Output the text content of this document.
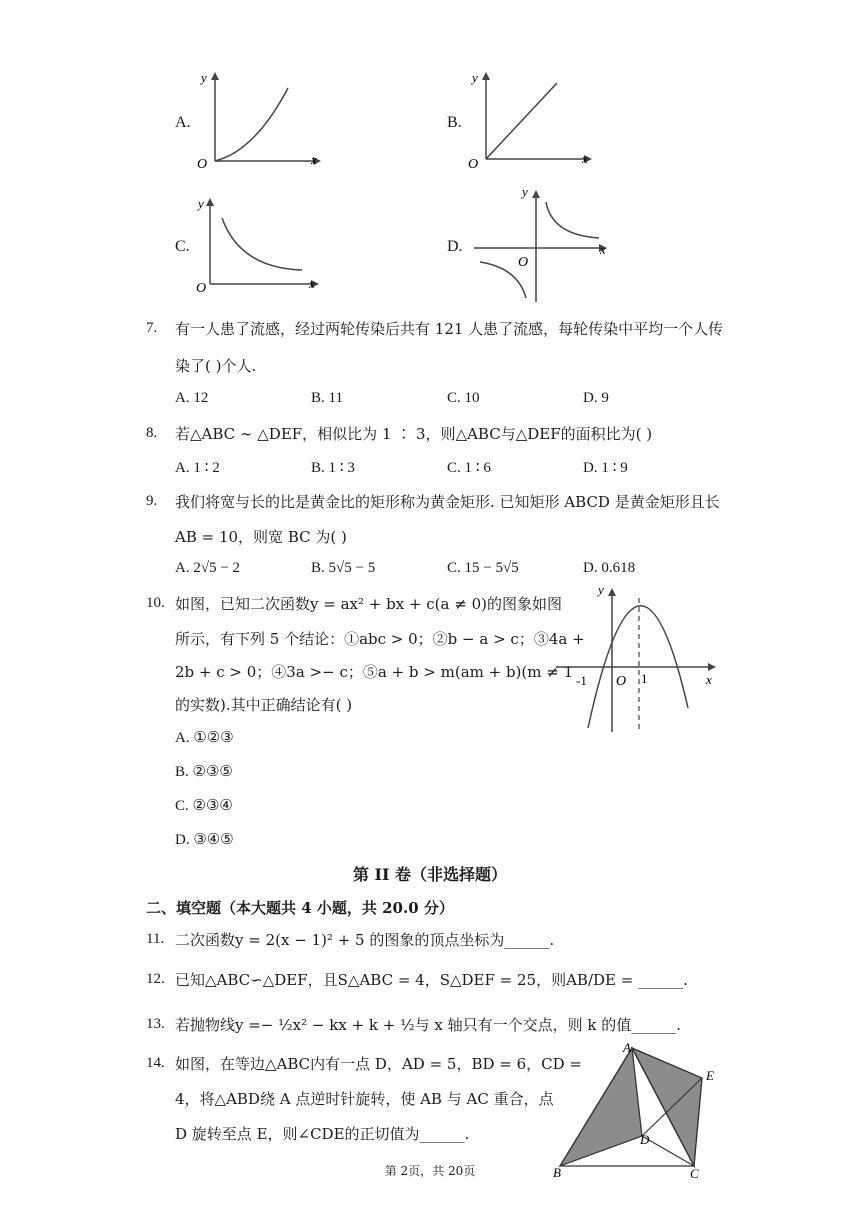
A.
O	x
y
B.
O	x
y
C.
O	x
y
D.
O
x
y
7. 有一人患了流感，经过两轮传染后共有 121 人患了流感，每轮传染中平均一个人传
染了( )个人.
A. 12	B. 11	C. 10	D. 9
8. 若△ABC ∼ △DEF，相似比为 1 ∶ 3，则△ABC与△DEF的面积比为( )
A. 1 ∶ 2	B. 1 ∶ 3	C. 1 ∶ 6	D. 1 ∶ 9
9. 我们将宽与长的比是黄金比的矩形称为黄金矩形. 已知矩形 ABCD 是黄金矩形且长
AB = 10，则宽 BC 为( )
A. 2√5 − 2	B. 5√5 − 5	C. 15 − 5√5	D. 0.618
10. 如图，已知二次函数y = ax² + bx + c(a ≠ 0)的图象如图
所示，有下列 5 个结论：①abc > 0；②b − a > c；③4a +
2b + c > 0；④3a >− c；⑤a + b > m(am + b)(m ≠ 1
的实数).其中正确结论有( )
A. ①②③
B. ②③⑤
C. ②③④
D. ③④⑤
-1	1
O	x
y
第 II 卷（非选择题）
二、填空题（本大题共 4 小题，共 20.0 分）
11. 二次函数y = 2(x − 1)² + 5 的图象的顶点坐标为______.
12. 已知△ABC∽△DEF，且S△ABC = 4，S△DEF = 25，则AB/DE = ______.
13. 若抛物线y =− ½x² − kx + k + ½与 x 轴只有一个交点，则 k 的值______.
14. 如图，在等边△ABC内有一点 D，AD = 5，BD = 6，CD =
4，将△ABD绕 A 点逆时针旋转，使 AB 与 AC 重合，点
D 旋转至点 E，则∠CDE的正切值为______.
A
B	C
D
E
第 2页，共 20页
